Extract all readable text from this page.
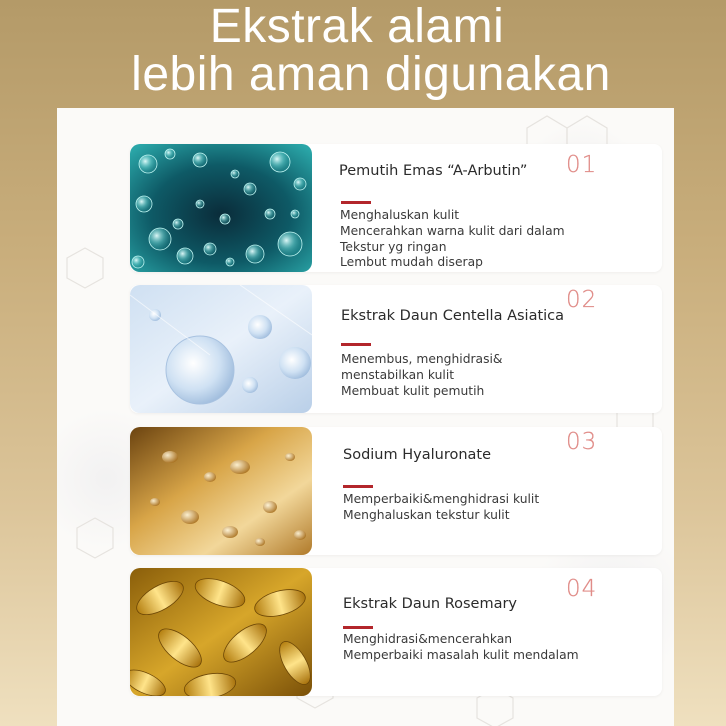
Ekstrak alami
lebih aman digunakan
Pemutih Emas “A-Arbutin”
Menghaluskan kulit
Mencerahkan warna kulit dari dalam
Tekstur yg ringan
Lembut mudah diserap
01
Ekstrak Daun Centella Asiatica
Menembus, menghidrasi&
menstabilkan kulit
Membuat kulit pemutih
02
Sodium Hyaluronate
Memperbaiki&menghidrasi kulit
Menghaluskan tekstur kulit
03
Ekstrak Daun Rosemary
Menghidrasi&mencerahkan
Memperbaiki masalah kulit mendalam
04
